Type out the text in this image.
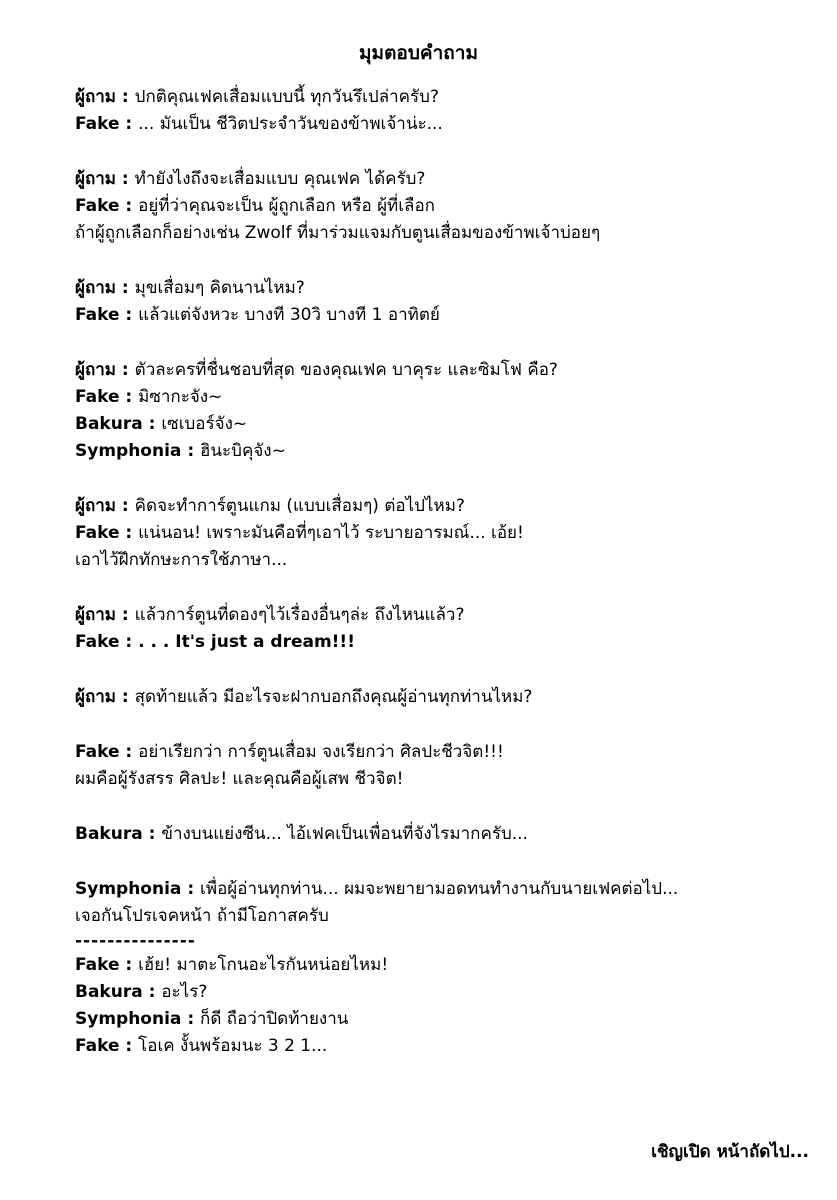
มุมตอบคำถาม
ผู้ถาม : ปกติคุณเฟคเสื่อมแบบนี้ ทุกวันรึเปล่าครับ?
Fake : ... มันเป็น ชีวิตประจำวันของข้าพเจ้าน่ะ...
ผู้ถาม : ทำยังไงถึงจะเสื่อมแบบ คุณเฟค ได้ครับ?
Fake : อยู่ที่ว่าคุณจะเป็น ผู้ถูกเลือก หรือ ผู้ที่เลือก
ถ้าผู้ถูกเลือกก็อย่างเช่น Zwolf ที่มาร่วมแจมกับตูนเสื่อมของข้าพเจ้าบ่อยๆ
ผู้ถาม : มุขเสื่อมๆ คิดนานไหม?
Fake : แล้วแต่จังหวะ บางที 30วิ บางที 1 อาทิตย์
ผู้ถาม : ตัวละครที่ชื่นชอบที่สุด ของคุณเฟค บาคุระ และซิมโฟ คือ?
Fake : มิซากะจัง~
Bakura : เซเบอร์จัง~
Symphonia : ฮินะบิคุจัง~
ผู้ถาม : คิดจะทำการ์ตูนแกม (แบบเสื่อมๆ) ต่อไปไหม?
Fake : แน่นอน! เพราะมันคือที่ๆเอาไว้ ระบายอารมณ์... เอ้ย!
เอาไว้ฝึกทักษะการใช้ภาษา...
ผู้ถาม : แล้วการ์ตูนที่ดองๆไว้เรื่องอื่นๆล่ะ ถึงไหนแล้ว?
Fake : . . . It's just a dream!!!
ผู้ถาม : สุดท้ายแล้ว มีอะไรจะฝากบอกถึงคุณผู้อ่านทุกท่านไหม?
Fake : อย่าเรียกว่า การ์ตูนเสื่อม จงเรียกว่า ศิลปะชีวจิต!!!
ผมคือผู้รังสรร ศิลปะ! และคุณคือผู้เสพ ชีวจิต!
Bakura : ข้างบนแย่งซีน... ไอ้เฟคเป็นเพื่อนที่จังไรมากครับ...
Symphonia : เพื่อผู้อ่านทุกท่าน... ผมจะพยายามอดทนทำงานกับนายเฟคต่อไป...
เจอกันโปรเจคหน้า ถ้ามีโอกาสครับ
---------------
Fake : เฮ้ย! มาตะโกนอะไรกันหน่อยไหม!
Bakura : อะไร?
Symphonia : ก็ดี ถือว่าปิดท้ายงาน
Fake : โอเค งั้นพร้อมนะ 3 2 1...
เชิญเปิด หน้าถัดไป...
